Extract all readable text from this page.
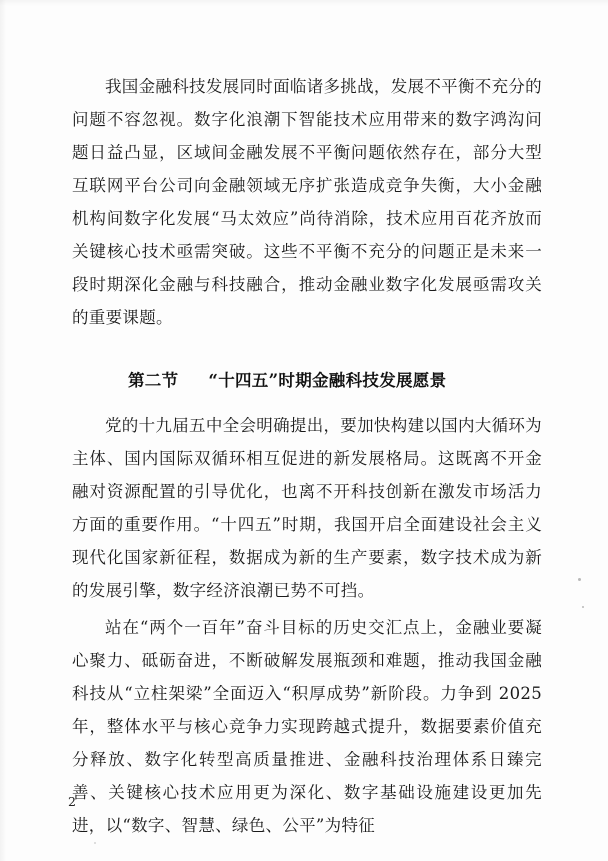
我国金融科技发展同时面临诸多挑战，发展不平衡不充分的问题不容忽视。数字化浪潮下智能技术应用带来的数字鸿沟问题日益凸显，区域间金融发展不平衡问题依然存在，部分大型互联网平台公司向金融领域无序扩张造成竞争失衡，大小金融机构间数字化发展“马太效应”尚待消除，技术应用百花齐放而关键核心技术亟需突破。这些不平衡不充分的问题正是未来一段时期深化金融与科技融合，推动金融业数字化发展亟需攻关的重要课题。

第二节 “十四五”时期金融科技发展愿景

党的十九届五中全会明确提出，要加快构建以国内大循环为主体、国内国际双循环相互促进的新发展格局。这既离不开金融对资源配置的引导优化，也离不开科技创新在激发市场活力方面的重要作用。“十四五”时期，我国开启全面建设社会主义现代化国家新征程，数据成为新的生产要素，数字技术成为新的发展引擎，数字经济浪潮已势不可挡。

站在“两个一百年”奋斗目标的历史交汇点上，金融业要凝心聚力、砥砺奋进，不断破解发展瓶颈和难题，推动我国金融科技从“立柱架梁”全面迈入“积厚成势”新阶段。力争到 2025 年，整体水平与核心竞争力实现跨越式提升，数据要素价值充分释放、数字化转型高质量推进、金融科技治理体系日臻完善、关键核心技术应用更为深化、数字基础设施建设更加先进，以“数字、智慧、绿色、公平”为特征

2
